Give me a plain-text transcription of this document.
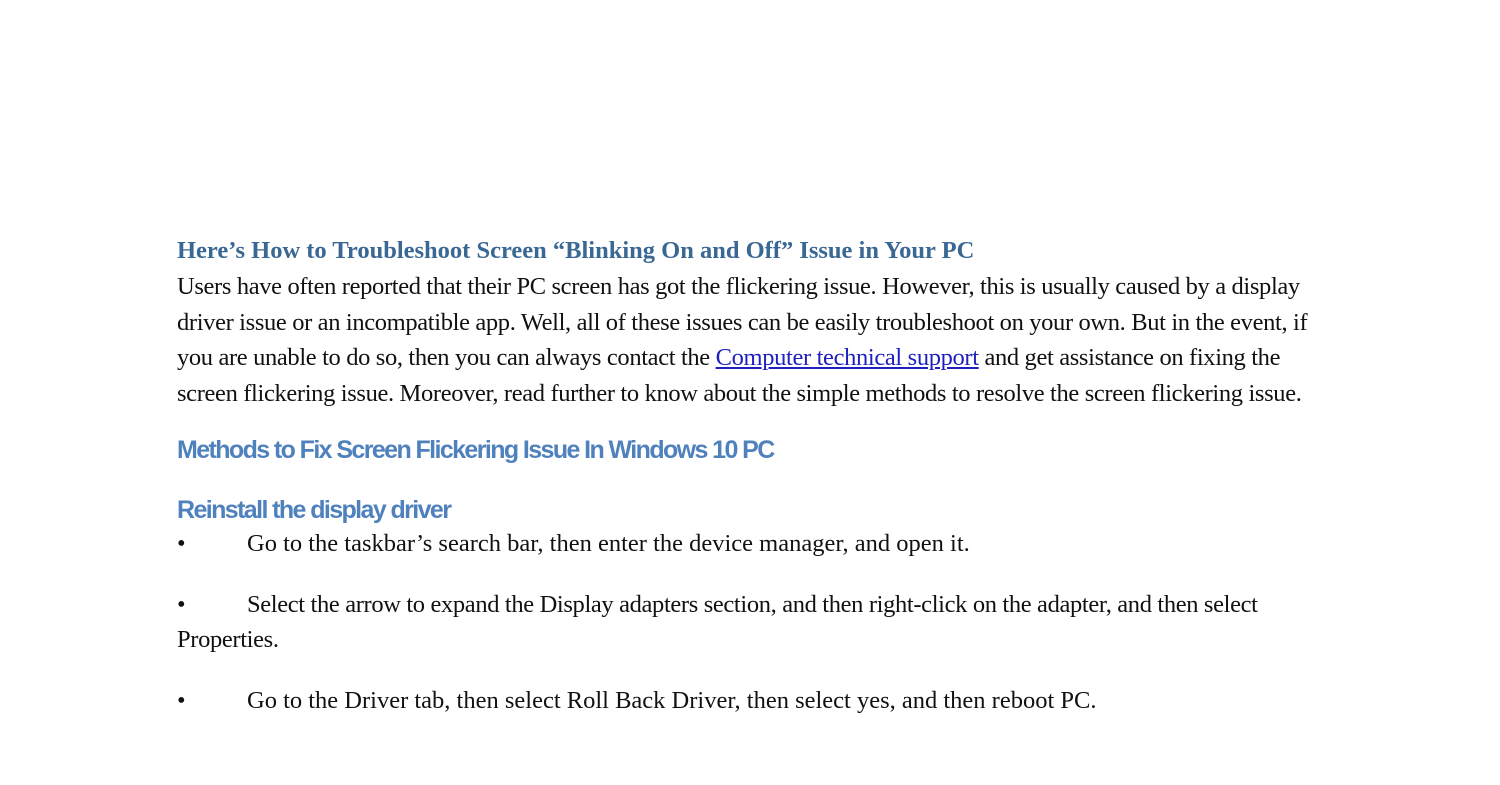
Here’s How to Troubleshoot Screen “Blinking On and Off” Issue in Your PC

Users have often reported that their PC screen has got the flickering issue. However, this is usually caused by a display driver issue or an incompatible app. Well, all of these issues can be easily troubleshoot on your own. But in the event, if you are unable to do so, then you can always contact the Computer technical support and get assistance on fixing the screen flickering issue. Moreover, read further to know about the simple methods to resolve the screen flickering issue.

Methods to Fix Screen Flickering Issue In Windows 10 PC
Reinstall the display driver

•	Go to the taskbar’s search bar, then enter the device manager, and open it.

•	Select the arrow to expand the Display adapters section, and then right-click on the adapter, and then select Properties.

•	Go to the Driver tab, then select Roll Back Driver, then select yes, and then reboot PC.
